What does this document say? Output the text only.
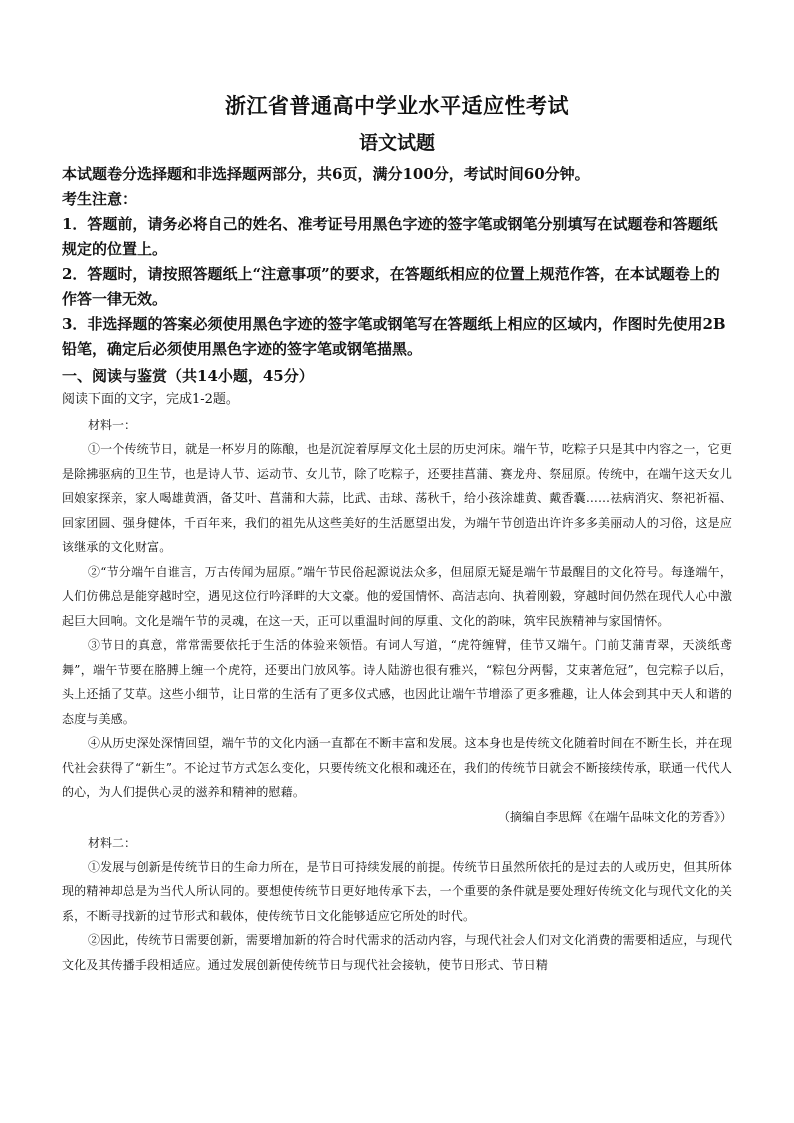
浙江省普通高中学业水平适应性考试
语文试题

本试题卷分选择题和非选择题两部分，共6页，满分100分，考试时间60分钟。

考生注意：

1．答题前，请务必将自己的姓名、准考证号用黑色字迹的签字笔或钢笔分别填写在试题卷和答题纸规定的位置上。

2．答题时，请按照答题纸上“注意事项”的要求，在答题纸相应的位置上规范作答，在本试题卷上的作答一律无效。

3．非选择题的答案必须使用黑色字迹的签字笔或钢笔写在答题纸上相应的区域内，作图时先使用2B铅笔，确定后必须使用黑色字迹的签字笔或钢笔描黑。

一、阅读与鉴赏（共14小题，45分）

阅读下面的文字，完成1-2题。

材料一：

①一个传统节日，就是一杯岁月的陈酿，也是沉淀着厚厚文化土层的历史河床。端午节，吃粽子只是其中内容之一，它更是除拂驱病的卫生节，也是诗人节、运动节、女儿节，除了吃粽子，还要挂菖蒲、赛龙舟、祭屈原。传统中，在端午这天女儿回娘家探亲，家人喝雄黄酒，备艾叶、菖蒲和大蒜，比武、击球、荡秋千，给小孩涂雄黄、戴香囊……祛病消灾、祭祀祈福、回家团圆、强身健体，千百年来，我们的祖先从这些美好的生活愿望出发，为端午节创造出许许多多美丽动人的习俗，这是应该继承的文化财富。

②“节分端午自谁言，万古传闻为屈原。”端午节民俗起源说法众多，但屈原无疑是端午节最醒目的文化符号。每逢端午，人们仿佛总是能穿越时空，遇见这位行吟泽畔的大文豪。他的爱国情怀、高洁志向、执着刚毅，穿越时间仍然在现代人心中激起巨大回响。文化是端午节的灵魂，在这一天，正可以重温时间的厚重、文化的韵味，筑牢民族精神与家国情怀。

③节日的真意，常常需要依托于生活的体验来领悟。有词人写道，“虎符缠臂，佳节又端午。门前艾蒲青翠，天淡纸鸢舞”，端午节要在胳膊上缠一个虎符，还要出门放风筝。诗人陆游也很有雅兴，“粽包分两髻，艾束著危冠”，包完粽子以后，头上还插了艾草。这些小细节，让日常的生活有了更多仪式感，也因此让端午节增添了更多雅趣，让人体会到其中天人和谐的态度与美感。

④从历史深处深情回望，端午节的文化内涵一直都在不断丰富和发展。这本身也是传统文化随着时间在不断生长，并在现代社会获得了“新生”。不论过节方式怎么变化，只要传统文化根和魂还在，我们的传统节日就会不断接续传承，联通一代代人的心，为人们提供心灵的滋养和精神的慰藉。

（摘编自李思辉《在端午品味文化的芳香》）

材料二：

①发展与创新是传统节日的生命力所在，是节日可持续发展的前提。传统节日虽然所依托的是过去的人或历史，但其所体现的精神却总是为当代人所认同的。要想使传统节日更好地传承下去，一个重要的条件就是要处理好传统文化与现代文化的关系，不断寻找新的过节形式和载体，使传统节日文化能够适应它所处的时代。

②因此，传统节日需要创新，需要增加新的符合时代需求的活动内容，与现代社会人们对文化消费的需要相适应，与现代文化及其传播手段相适应。通过发展创新使传统节日与现代社会接轨，使节日形式、节日精
